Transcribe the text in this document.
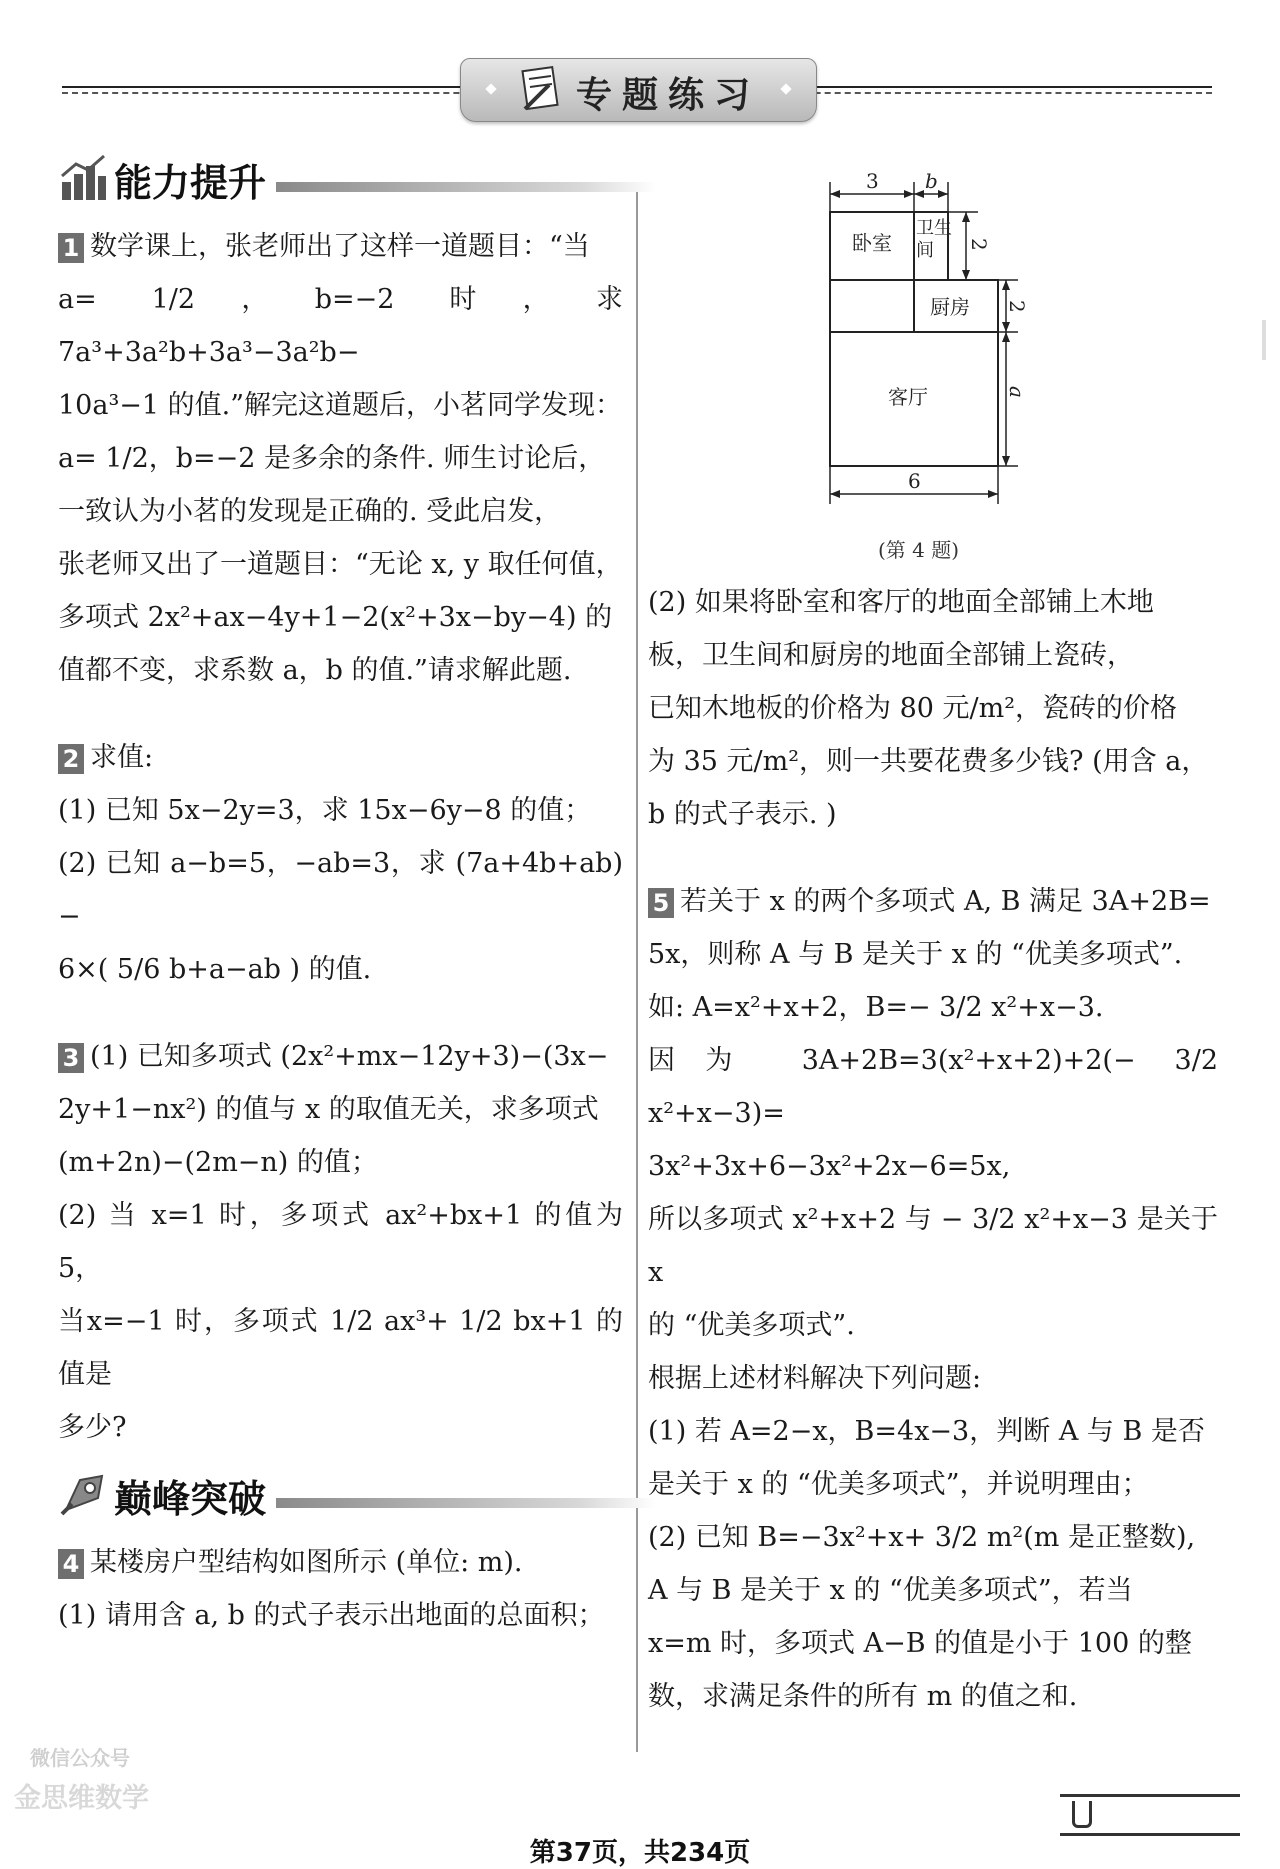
专题练习
能力提升
1 数学课上，张老师出了这样一道题目：“当
a= 1/2，b=−2 时，求 7a³+3a²b+3a³−3a²b−
10a³−1 的值.”解完这道题后，小茗同学发现：
a= 1/2，b=−2 是多余的条件. 师生讨论后，
一致认为小茗的发现是正确的. 受此启发，
张老师又出了一道题目：“无论 x, y 取任何值，
多项式 2x²+ax−4y+1−2(x²+3x−by−4) 的
值都不变，求系数 a，b 的值.”请求解此题.
2 求值:
(1) 已知 5x−2y=3，求 15x−6y−8 的值；
(2) 已知 a−b=5，−ab=3，求 (7a+4b+ab)−
6×( 5/6 b+a−ab ) 的值.
3 (1) 已知多项式 (2x²+mx−12y+3)−(3x−
2y+1−nx²) 的值与 x 的取值无关，求多项式
(m+2n)−(2m−n) 的值；
(2) 当 x=1 时，多项式 ax²+bx+1 的值为 5，
当x=−1 时，多项式 1/2 ax³+ 1/2 bx+1 的值是
多少?
巅峰突破
4 某楼房户型结构如图所示 (单位: m).
(1) 请用含 a, b 的式子表示出地面的总面积；
3 b
2
2
a
6
卧室
卫生
间
厨房
客厅
(第 4 题)
(2) 如果将卧室和客厅的地面全部铺上木地
板，卫生间和厨房的地面全部铺上瓷砖，
已知木地板的价格为 80 元/m²，瓷砖的价格
为 35 元/m²，则一共要花费多少钱? (用含 a，
b 的式子表示. )
5 若关于 x 的两个多项式 A, B 满足 3A+2B=
5x，则称 A 与 B 是关于 x 的 “优美多项式”.
如: A=x²+x+2，B=− 3/2 x²+x−3.
因为 3A+2B=3(x²+x+2)+2(− 3/2 x²+x−3)=
3x²+3x+6−3x²+2x−6=5x,
所以多项式 x²+x+2 与 − 3/2 x²+x−3 是关于 x
的 “优美多项式”.
根据上述材料解决下列问题:
(1) 若 A=2−x，B=4x−3，判断 A 与 B 是否
是关于 x 的 “优美多项式”，并说明理由；
(2) 已知 B=−3x²+x+ 3/2 m²(m 是正整数),
A 与 B 是关于 x 的 “优美多项式”，若当
x=m 时，多项式 A−B 的值是小于 100 的整
数，求满足条件的所有 m 的值之和.
微信公众号
金思维数学
第37页，共234页
